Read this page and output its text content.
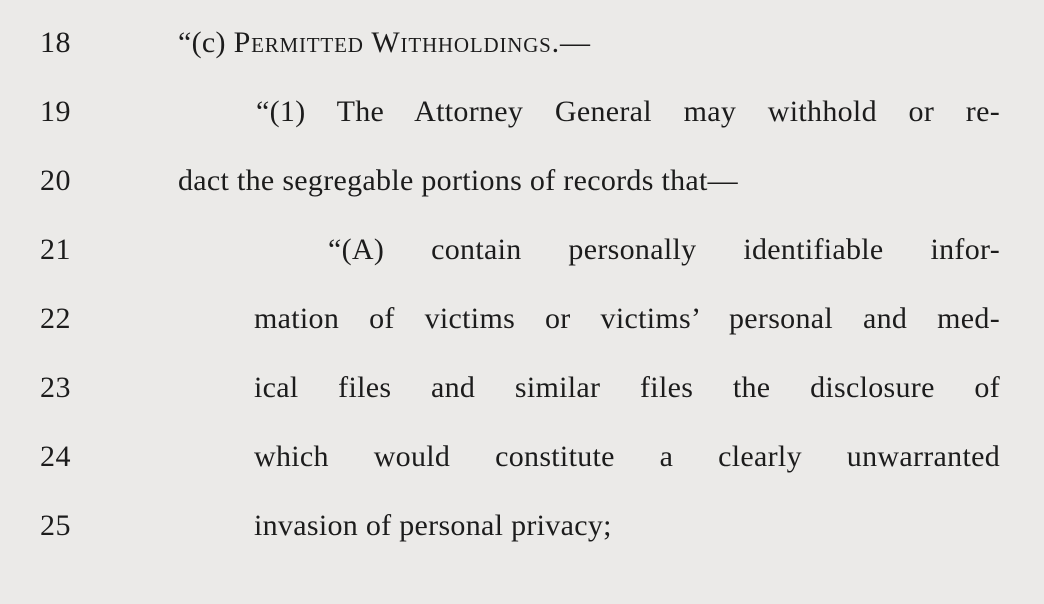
18	“(c) Permitted Withholdings.—
19	“(1) The Attorney General may withhold or re-
20	dact the segregable portions of records that—
21	“(A) contain personally identifiable infor-
22	mation of victims or victims’ personal and med-
23	ical files and similar files the disclosure of
24	which would constitute a clearly unwarranted
25	invasion of personal privacy;
